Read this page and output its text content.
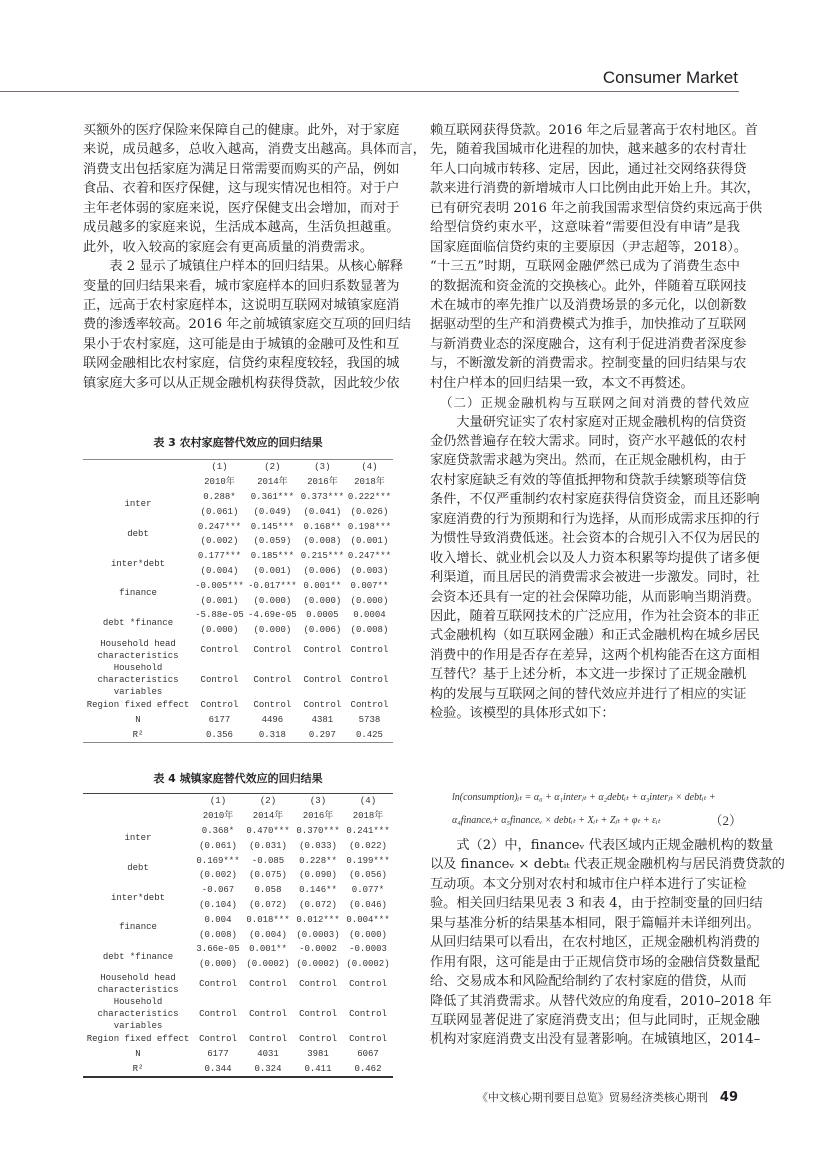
Consumer Market
买额外的医疗保险来保障自己的健康。此外，对于家庭
来说，成员越多，总收入越高，消费支出越高。具体而言，
消费支出包括家庭为满足日常需要而购买的产品，例如
食品、衣着和医疗保健，这与现实情况也相符。对于户
主年老体弱的家庭来说，医疗保健支出会增加，而对于
成员越多的家庭来说，生活成本越高，生活负担越重。
此外，收入较高的家庭会有更高质量的消费需求。
　　表 2 显示了城镇住户样本的回归结果。从核心解释
变量的回归结果来看，城市家庭样本的回归系数显著为
正，远高于农村家庭样本，这说明互联网对城镇家庭消
费的渗透率较高。2016 年之前城镇家庭交互项的回归结
果小于农村家庭，这可能是由于城镇的金融可及性和互
联网金融相比农村家庭，信贷约束程度较轻，我国的城
镇家庭大多可以从正规金融机构获得贷款，因此较少依
表 3 农村家庭替代效应的回归结果
	(1)	(2)	(3)	(4)
	2010年	2014年	2016年	2018年
inter	0.288*	0.361***	0.373***	0.222***
	(0.061)	(0.049)	(0.041)	(0.026)
debt	0.247***	0.145***	0.168**	0.198***
	(0.002)	(0.059)	(0.008)	(0.001)
inter*debt	0.177***	0.185***	0.215***	0.247***
	(0.004)	(0.001)	(0.006)	(0.003)
finance	-0.005***	-0.017***	0.001**	0.007**
	(0.001)	(0.000)	(0.000)	(0.000)
debt *finance	-5.88e-05	-4.69e-05	0.0005	0.0004
	(0.000)	(0.000)	(0.006)	(0.008)
Household head characteristics	Control	Control	Control	Control
Household characteristics variables	Control	Control	Control	Control
Region fixed effect	Control	Control	Control	Control
N	6177	4496	4381	5738
R²	0.356	0.318	0.297	0.425
表 4 城镇家庭替代效应的回归结果
	(1)	(2)	(3)	(4)
	2010年	2014年	2016年	2018年
inter	0.368*	0.470***	0.370***	0.241***
	(0.061)	(0.031)	(0.033)	(0.022)
debt	0.169***	-0.085	0.228**	0.199***
	(0.002)	(0.075)	(0.090)	(0.056)
inter*debt	-0.067	0.058	0.146**	0.077*
	(0.104)	(0.072)	(0.072)	(0.046)
finance	0.004	0.018***	0.012***	0.004***
	(0.008)	(0.004)	(0.0003)	(0.000)
debt *finance	3.66e-05	0.001**	-0.0002	-0.0003
	(0.000)	(0.0002)	(0.0002)	(0.0002)
Household head characteristics	Control	Control	Control	Control
Household characteristics variables	Control	Control	Control	Control
Region fixed effect	Control	Control	Control	Control
N	6177	4031	3981	6067
R²	0.344	0.324	0.411	0.462
赖互联网获得贷款。2016 年之后显著高于农村地区。首
先，随着我国城市化进程的加快，越来越多的农村青壮
年人口向城市转移、定居，因此，通过社交网络获得贷
款来进行消费的新增城市人口比例由此开始上升。其次，
已有研究表明 2016 年之前我国需求型信贷约束远高于供
给型信贷约束水平，这意味着“需要但没有申请”是我
国家庭面临信贷约束的主要原因（尹志超等，2018）。
“十三五”时期，互联网金融俨然已成为了消费生态中
的数据流和资金流的交换核心。此外，伴随着互联网技
术在城市的率先推广以及消费场景的多元化，以创新数
据驱动型的生产和消费模式为推手，加快推动了互联网
与新消费业态的深度融合，这有利于促进消费者深度参
与，不断激发新的消费需求。控制变量的回归结果与农
村住户样本的回归结果一致，本文不再赘述。
（二）正规金融机构与互联网之间对消费的替代效应
　　大量研究证实了农村家庭对正规金融机构的信贷资
金仍然普遍存在较大需求。同时，资产水平越低的农村
家庭贷款需求越为突出。然而，在正规金融机构，由于
农村家庭缺乏有效的等值抵押物和贷款手续繁琐等信贷
条件，不仅严重制约农村家庭获得信贷资金，而且还影响
家庭消费的行为预期和行为选择，从而形成需求压抑的行
为惯性导致消费低迷。社会资本的合规引入不仅为居民的
收入增长、就业机会以及人力资本积累等均提供了诸多便
利渠道，而且居民的消费需求会被进一步激发。同时，社
会资本还具有一定的社会保障功能，从而影响当期消费。
因此，随着互联网技术的广泛应用，作为社会资本的非正
式金融机构（如互联网金融）和正式金融机构在城乡居民
消费中的作用是否存在差异，这两个机构能否在这方面相
互替代？基于上述分析，本文进一步探讨了正规金融机
构的发展与互联网之间的替代效应并进行了相应的实证
检验。该模型的具体形式如下：
ln(consumption)ᵢₜ = α₀ + α₁interⱼₜ + α₂debtᵢₜ + α₃interⱼₜ × debtᵢₜ + α₄financeᵥ + α₅financeᵥ × debtᵢₜ + Xᵢₜ + Zⱼₜ + φₜ + εᵢₜ	（2）
　　式（2）中，financeᵥ 代表区域内正规金融机构的数量
以及 financeᵥ × debtᵢₜ 代表正规金融机构与居民消费贷款的
互动项。本文分别对农村和城市住户样本进行了实证检
验。相关回归结果见表 3 和表 4，由于控制变量的回归结
果与基准分析的结果基本相同，限于篇幅并未详细列出。
从回归结果可以看出，在农村地区，正规金融机构消费的
作用有限，这可能是由于正规信贷市场的金融信贷数量配
给、交易成本和风险配给制约了农村家庭的借贷，从而
降低了其消费需求。从替代效应的角度看，2010–2018 年
互联网显著促进了家庭消费支出；但与此同时，正规金融
机构对家庭消费支出没有显著影响。在城镇地区，2014–
《中文核心期刊要目总览》贸易经济类核心期刊 49
